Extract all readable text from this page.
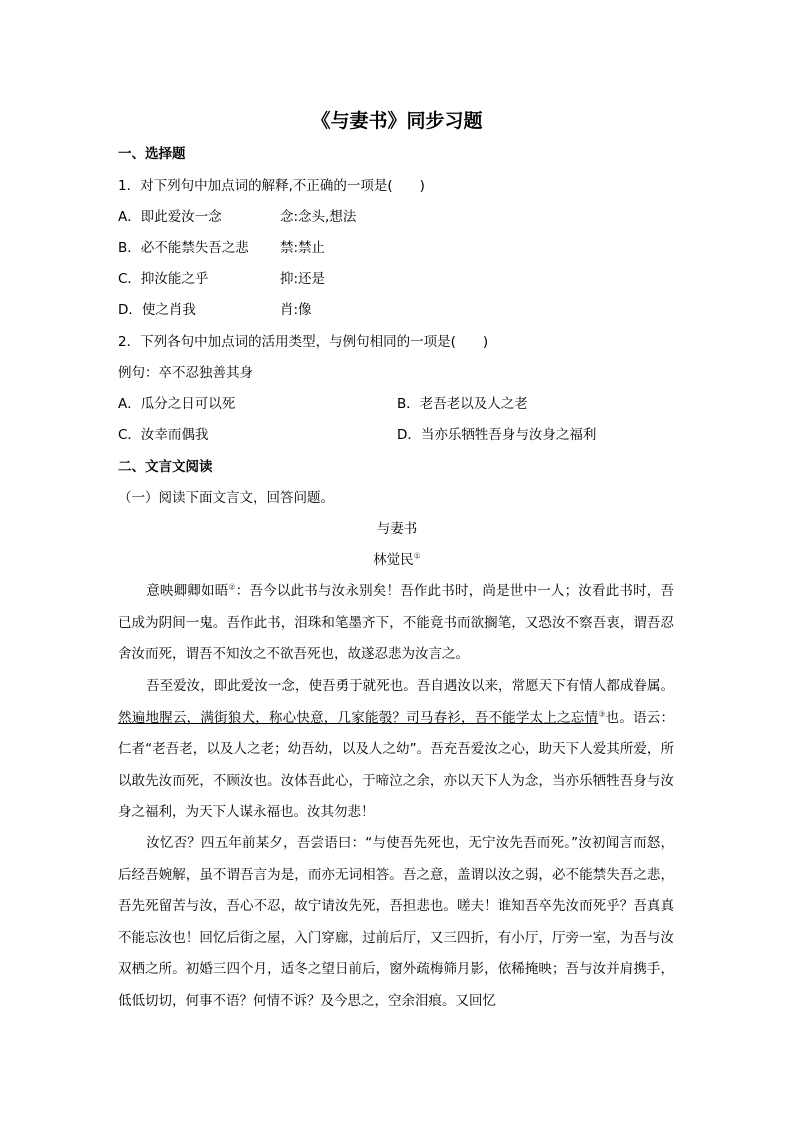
《与妻书》同步习题
一、选择题
1．对下列句中加点词的解释,不正确的一项是(　　)
A．即此爱汝一念	念:念头,想法
B．必不能禁失吾之悲 禁:禁止
C．抑汝能之乎	抑:还是
D．使之肖我	肖:像
2．下列各句中加点词的活用类型，与例句相同的一项是(　　)
例句：卒不忍独善其身
A．瓜分之日可以死	B．老吾老以及人之老
C．汝幸而偶我	D．当亦乐牺牲吾身与汝身之福利
二、文言文阅读
（一）阅读下面文言文，回答问题。
与妻书
林觉民①
意映卿卿如晤②：吾今以此书与汝永别矣！吾作此书时，尚是世中一人；汝看此书时，吾已成为阴间一鬼。吾作此书，泪珠和笔墨齐下，不能竟书而欲搁笔，又恐汝不察吾衷，谓吾忍舍汝而死，谓吾不知汝之不欲吾死也，故遂忍悲为汝言之。
吾至爱汝，即此爱汝一念，使吾勇于就死也。吾自遇汝以来，常愿天下有情人都成眷属。然遍地腥云，满街狼犬，称心快意，几家能彀？司马春衫，吾不能学太上之忘情③也。语云：仁者“老吾老，以及人之老；幼吾幼，以及人之幼”。吾充吾爱汝之心，助天下人爱其所爱，所以敢先汝而死，不顾汝也。汝体吾此心，于啼泣之余，亦以天下人为念，当亦乐牺牲吾身与汝身之福利，为天下人谋永福也。汝其勿悲！
汝忆否？四五年前某夕，吾尝语曰：“与使吾先死也，无宁汝先吾而死。”汝初闻言而怒，后经吾婉解，虽不谓吾言为是，而亦无词相答。吾之意，盖谓以汝之弱，必不能禁失吾之悲，吾先死留苦与汝，吾心不忍，故宁请汝先死，吾担悲也。嗟夫！谁知吾卒先汝而死乎？吾真真不能忘汝也！回忆后街之屋，入门穿廊，过前后厅，又三四折，有小厅，厅旁一室，为吾与汝双栖之所。初婚三四个月，适冬之望日前后，窗外疏梅筛月影，依稀掩映；吾与汝并肩携手，低低切切，何事不语？何情不诉？及今思之，空余泪痕。又回忆
